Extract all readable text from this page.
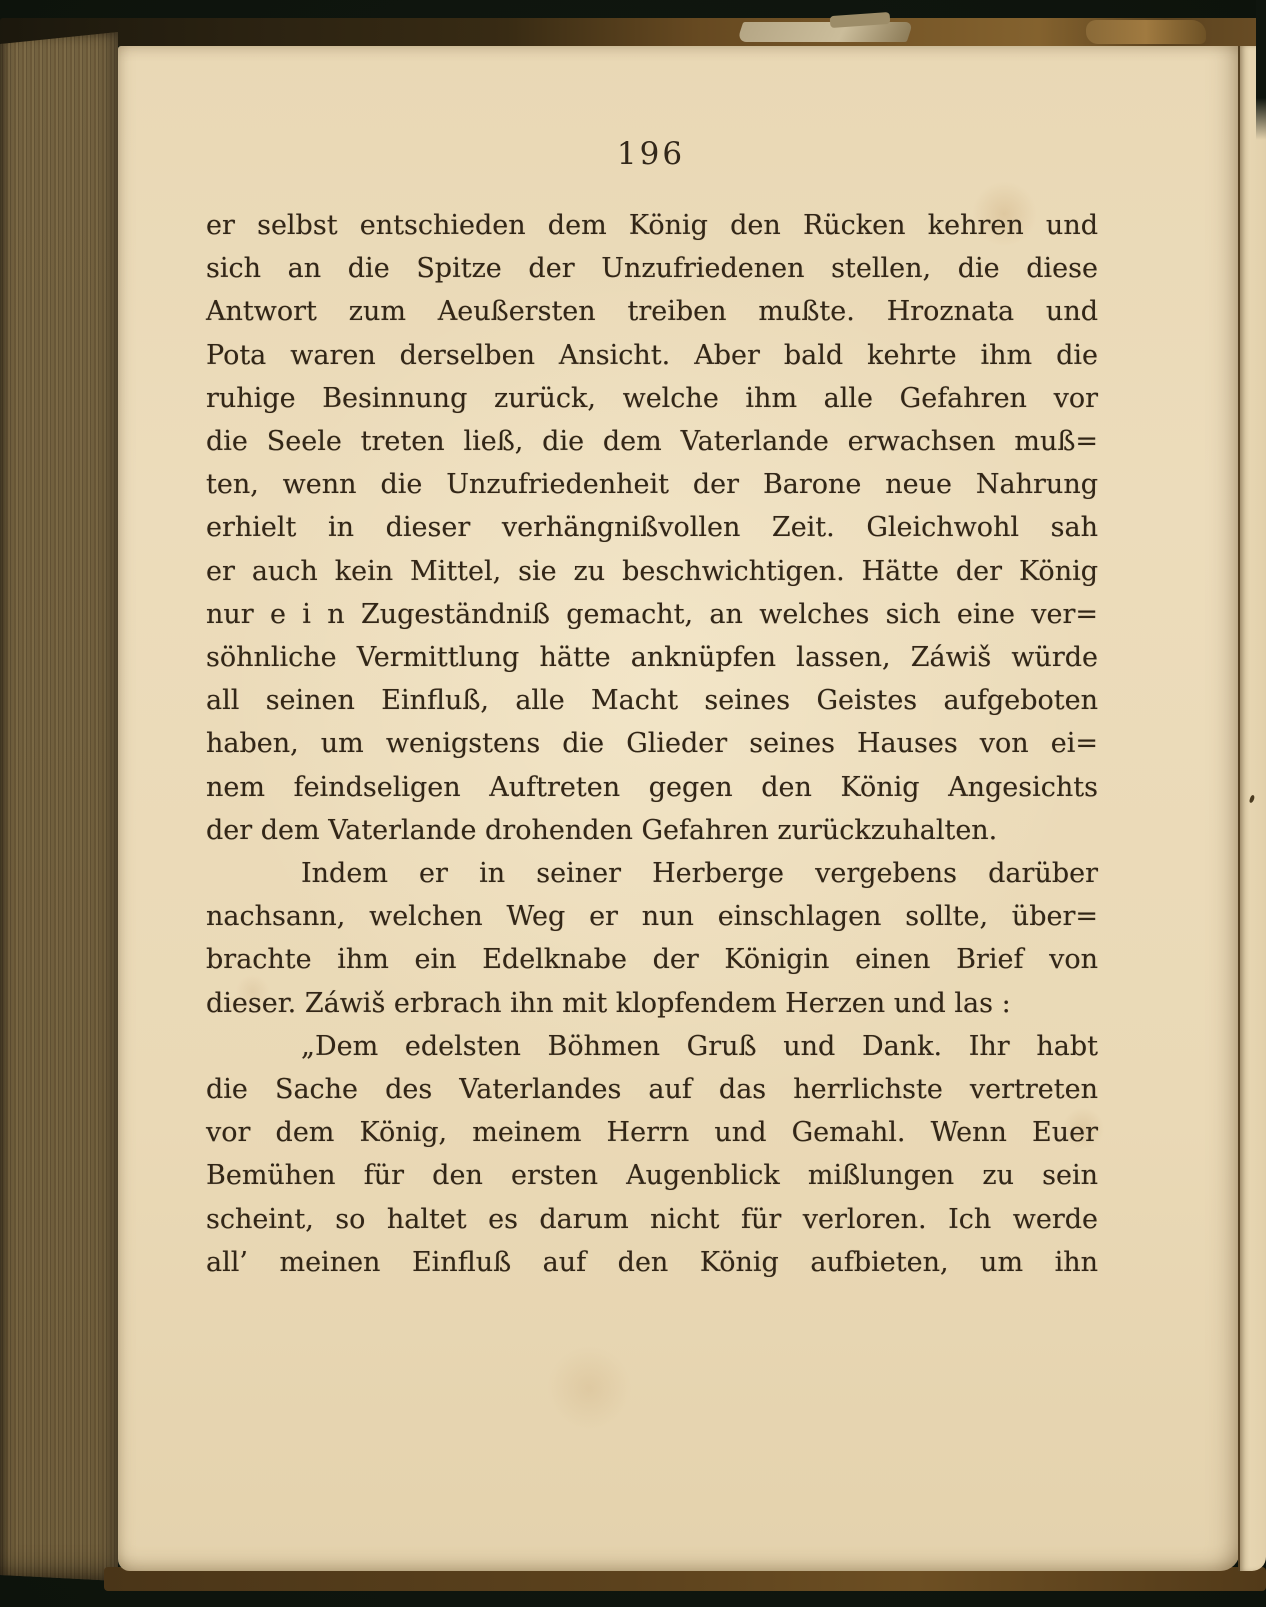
196
er selbst entschieden dem König den Rücken kehren und
sich an die Spitze der Unzufriedenen stellen, die diese
Antwort zum Aeußersten treiben mußte. Hroznata und
Pota waren derselben Ansicht. Aber bald kehrte ihm die
ruhige Besinnung zurück, welche ihm alle Gefahren vor
die Seele treten ließ, die dem Vaterlande erwachsen muß=
ten, wenn die Unzufriedenheit der Barone neue Nahrung
erhielt in dieser verhängnißvollen Zeit. Gleichwohl sah
er auch kein Mittel, sie zu beschwichtigen. Hätte der König
nur e i n Zugeständniß gemacht, an welches sich eine ver=
söhnliche Vermittlung hätte anknüpfen lassen, Záwiš würde
all seinen Einfluß, alle Macht seines Geistes aufgeboten
haben, um wenigstens die Glieder seines Hauses von ei=
nem feindseligen Auftreten gegen den König Angesichts
der dem Vaterlande drohenden Gefahren zurückzuhalten.
Indem er in seiner Herberge vergebens darüber
nachsann, welchen Weg er nun einschlagen sollte, über=
brachte ihm ein Edelknabe der Königin einen Brief von
dieser. Záwiš erbrach ihn mit klopfendem Herzen und las :
„Dem edelsten Böhmen Gruß und Dank. Ihr habt
die Sache des Vaterlandes auf das herrlichste vertreten
vor dem König, meinem Herrn und Gemahl. Wenn Euer
Bemühen für den ersten Augenblick mißlungen zu sein
scheint, so haltet es darum nicht für verloren. Ich werde
all’ meinen Einfluß auf den König aufbieten, um ihn
